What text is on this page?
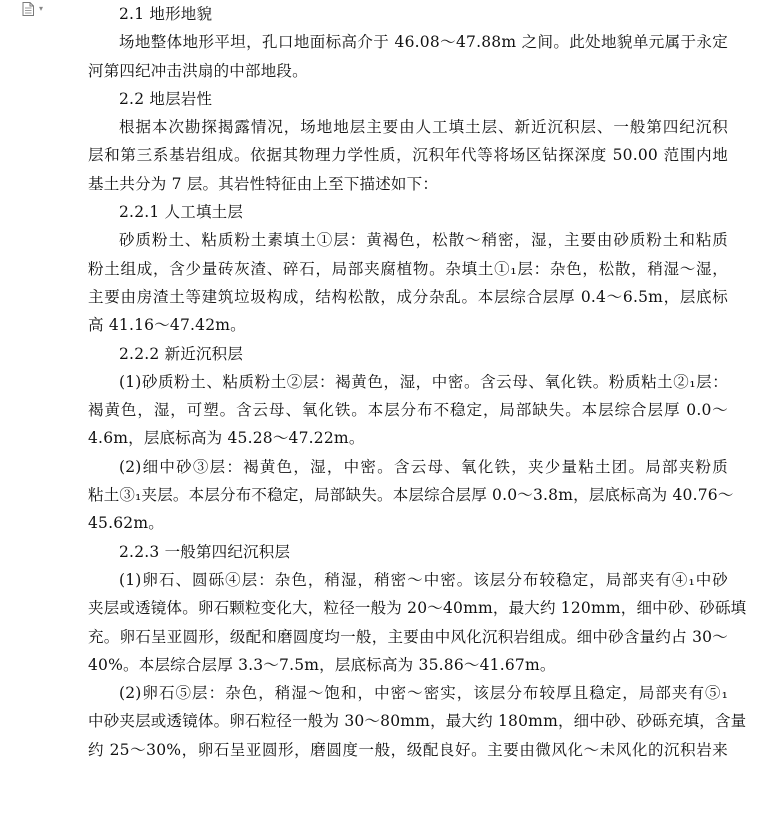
▾	2.1 地形地貌
场地整体地形平坦，孔口地面标高介于 46.08～47.88m 之间。此处地貌单元属于永定
河第四纪冲击洪扇的中部地段。
2.2 地层岩性
根据本次勘探揭露情况，场地地层主要由人工填土层、新近沉积层、一般第四纪沉积
层和第三系基岩组成。依据其物理力学性质，沉积年代等将场区钻探深度 50.00 范围内地
基土共分为 7 层。其岩性特征由上至下描述如下：
2.2.1 人工填土层
砂质粉土、粘质粉土素填土①层：黄褐色，松散～稍密，湿，主要由砂质粉土和粘质
粉土组成，含少量砖灰渣、碎石，局部夹腐植物。杂填土①₁层：杂色，松散，稍湿～湿，
主要由房渣土等建筑垃圾构成，结构松散，成分杂乱。本层综合层厚 0.4～6.5m，层底标
高 41.16～47.42m。
2.2.2 新近沉积层
(1)砂质粉土、粘质粉土②层：褐黄色，湿，中密。含云母、氧化铁。粉质粘土②₁层：
褐黄色，湿，可塑。含云母、氧化铁。本层分布不稳定，局部缺失。本层综合层厚 0.0～
4.6m，层底标高为 45.28～47.22m。
(2)细中砂③层：褐黄色，湿，中密。含云母、氧化铁，夹少量粘土团。局部夹粉质
粘土③₁夹层。本层分布不稳定，局部缺失。本层综合层厚 0.0～3.8m，层底标高为 40.76～
45.62m。
2.2.3 一般第四纪沉积层
(1)卵石、圆砾④层：杂色，稍湿，稍密～中密。该层分布较稳定，局部夹有④₁中砂
夹层或透镜体。卵石颗粒变化大，粒径一般为 20～40mm，最大约 120mm，细中砂、砂砾填
充。卵石呈亚圆形，级配和磨圆度均一般，主要由中风化沉积岩组成。细中砂含量约占 30～
40%。本层综合层厚 3.3～7.5m，层底标高为 35.86～41.67m。
(2)卵石⑤层：杂色，稍湿～饱和，中密～密实，该层分布较厚且稳定，局部夹有⑤₁
中砂夹层或透镜体。卵石粒径一般为 30～80mm，最大约 180mm，细中砂、砂砾充填，含量
约 25～30%，卵石呈亚圆形，磨圆度一般，级配良好。主要由微风化～未风化的沉积岩来
